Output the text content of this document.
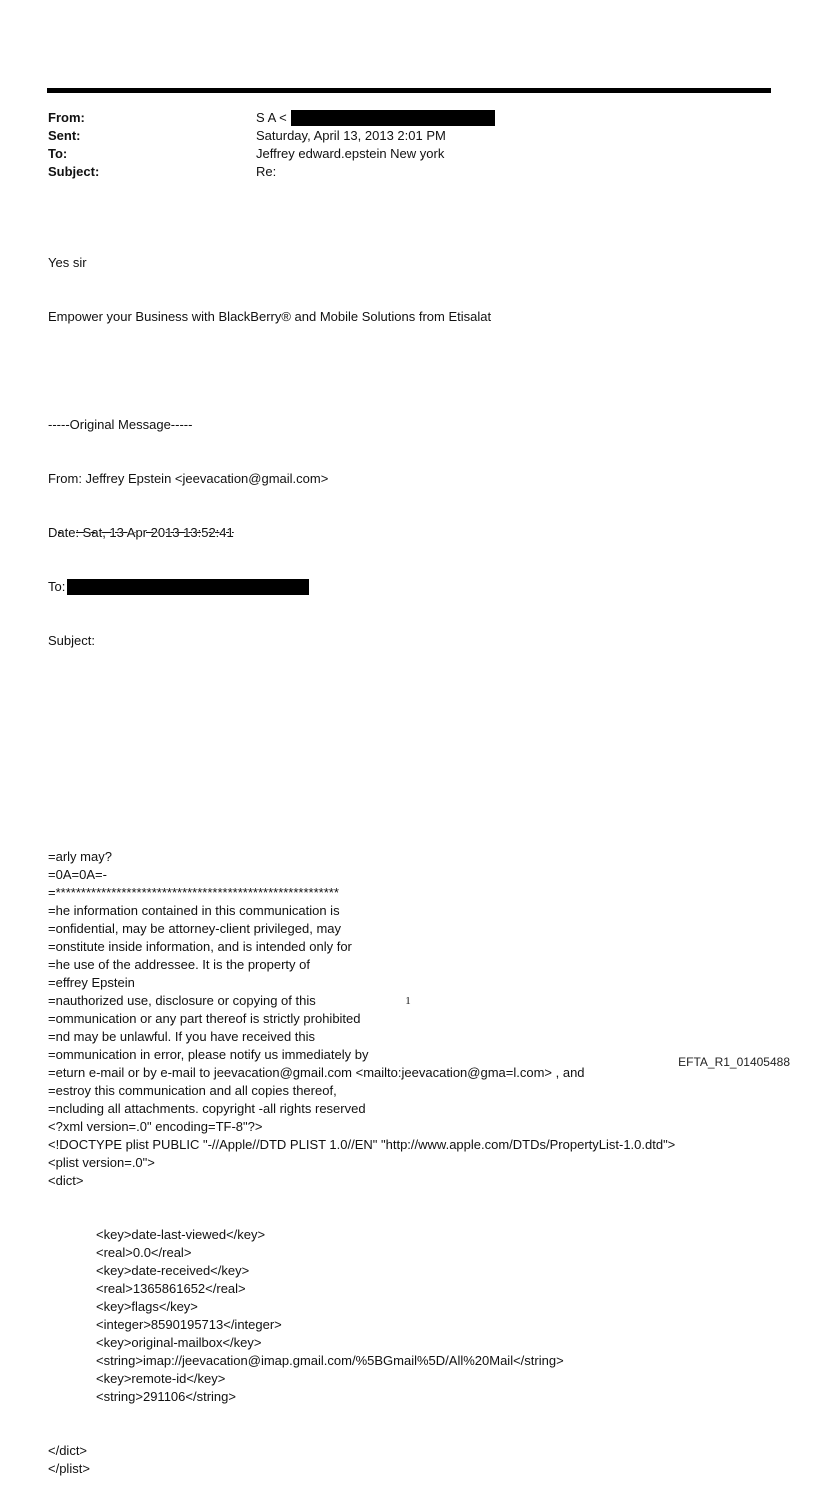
From:	S A <
Sent:	Saturday, April 13, 2013 2:01 PM
To:	Jeffrey edward.epstein New york
Subject:	Re:

Yes sir

Empower your Business with BlackBerry® and Mobile Solutions from Etisalat

-----Original Message-----

From: Jeffrey Epstein <jeevacation@gmail.com>

Date: Sat, 13 Apr 2013 13:52:41

To:

Subject:

=arly may?
=0A=0A=-
=********************************************************
=he information contained in this communication is
=onfidential, may be attorney-client privileged, may
=onstitute inside information, and is intended only for
=he use of the addressee. It is the property of
=effrey Epstein
=nauthorized use, disclosure or copying of this
=ommunication or any part thereof is strictly prohibited
=nd may be unlawful. If you have received this
=ommunication in error, please notify us immediately by
=eturn e-mail or by e-mail to jeevacation@gmail.com <mailto:jeevacation@gma=l.com> , and
=estroy this communication and all copies thereof,
=ncluding all attachments. copyright -all rights reserved
<?xml version=.0" encoding=TF-8"?>
<!DOCTYPE plist PUBLIC "-//Apple//DTD PLIST 1.0//EN" "http://www.apple.com/DTDs/PropertyList-1.0.dtd">
<plist version=.0">
<dict>

<key>date-last-viewed</key>
<real>0.0</real>
<key>date-received</key>
<real>1365861652</real>
<key>flags</key>
<integer>8590195713</integer>
<key>original-mailbox</key>
<string>imap://jeevacation@imap.gmail.com/%5BGmail%5D/All%20Mail</string>
<key>remote-id</key>
<string>291106</string>

</dict>
</plist>

1
EFTA_R1_01405488
